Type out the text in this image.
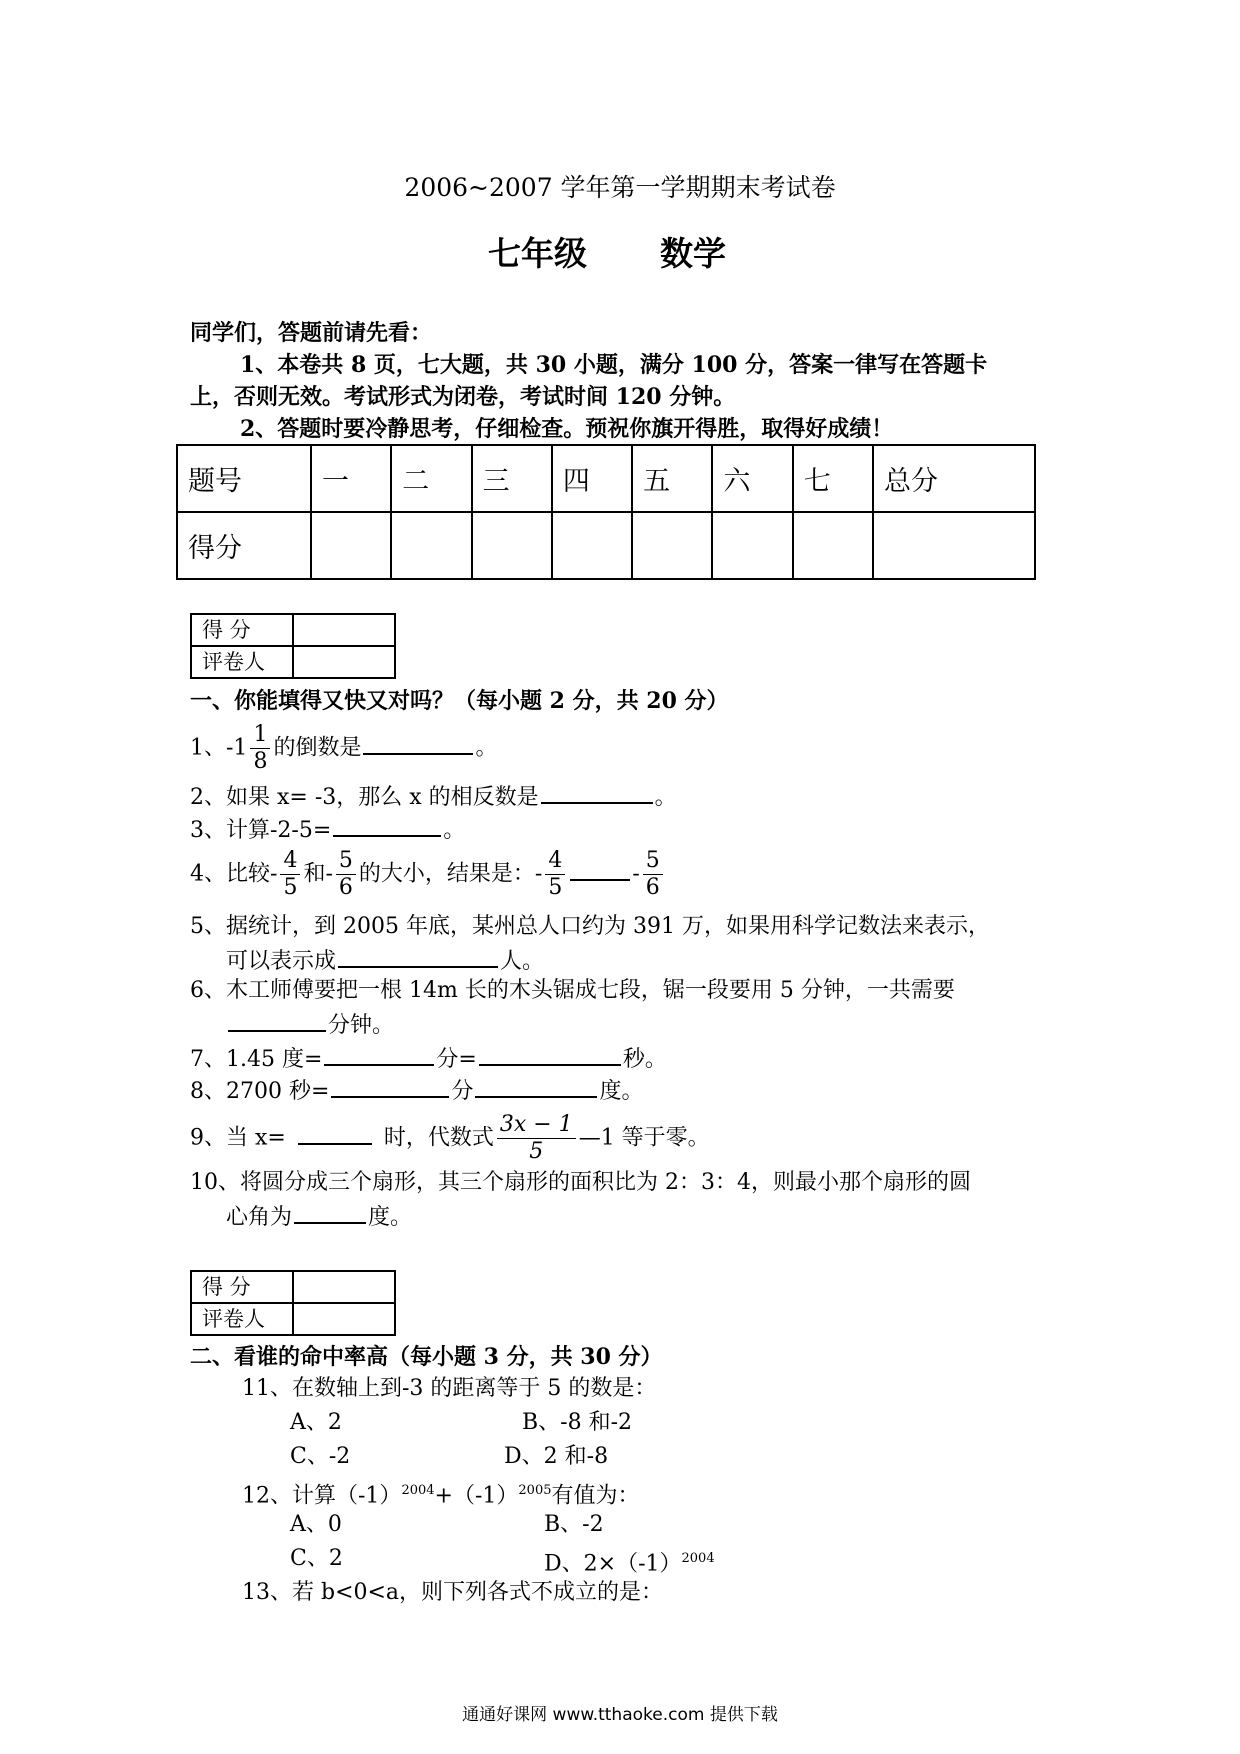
2006~2007 学年第一学期期末考试卷
七年级 数学
同学们，答题前请先看：
1、本卷共 8 页，七大题，共 30 小题，满分 100 分，答案一律写在答题卡
上，否则无效。考试形式为闭卷，考试时间 120 分钟。
2、答题时要冷静思考，仔细检查。预祝你旗开得胜，取得好成绩！
题号	一	二	三	四	五	六	七	总分
得分								
得 分	
评卷人	
一、你能填得又快又对吗？（每小题 2 分，共 20 分）
1、$-1 \frac{1}{8}$ 的倒数是	。
2、如果 x= -3，那么 x 的相反数是	。
3、计算-2-5=	。
4、比较- $\frac{4}{5}$ 和- $\frac{5}{6}$ 的大小，结果是：- $\frac{4}{5}$	- $\frac{5}{6}$
5、据统计，到 2005 年底，某州总人口约为 391 万，如果用科学记数法来表示，
可以表示成	人。
6、木工师傅要把一根 14m 长的木头锯成七段，锯一段要用 5 分钟，一共需要
分钟。
7、1.45 度=	分=	秒。
8、2700 秒=	分	度。
9、当 x=	时，代数式 $\frac{3x - 1}{5}$ —1 等于零。
10、将圆分成三个扇形，其三个扇形的面积比为 2：3：4，则最小那个扇形的圆
心角为	度。
得 分	
评卷人	
二、看谁的命中率高（每小题 3 分，共 30 分）
11、在数轴上到-3 的距离等于 5 的数是：
A、2	B、-8 和-2
C、-2	D、2 和-8
12、计算$(-1)^{2004}+(-1)^{2005}$有值为：
A、0	B、-2
C、2	D、$2\times(-1)^{2004}$
13、若 b<0<a，则下列各式不成立的是：
通通好课网 www.tthaoke.com 提供下载
